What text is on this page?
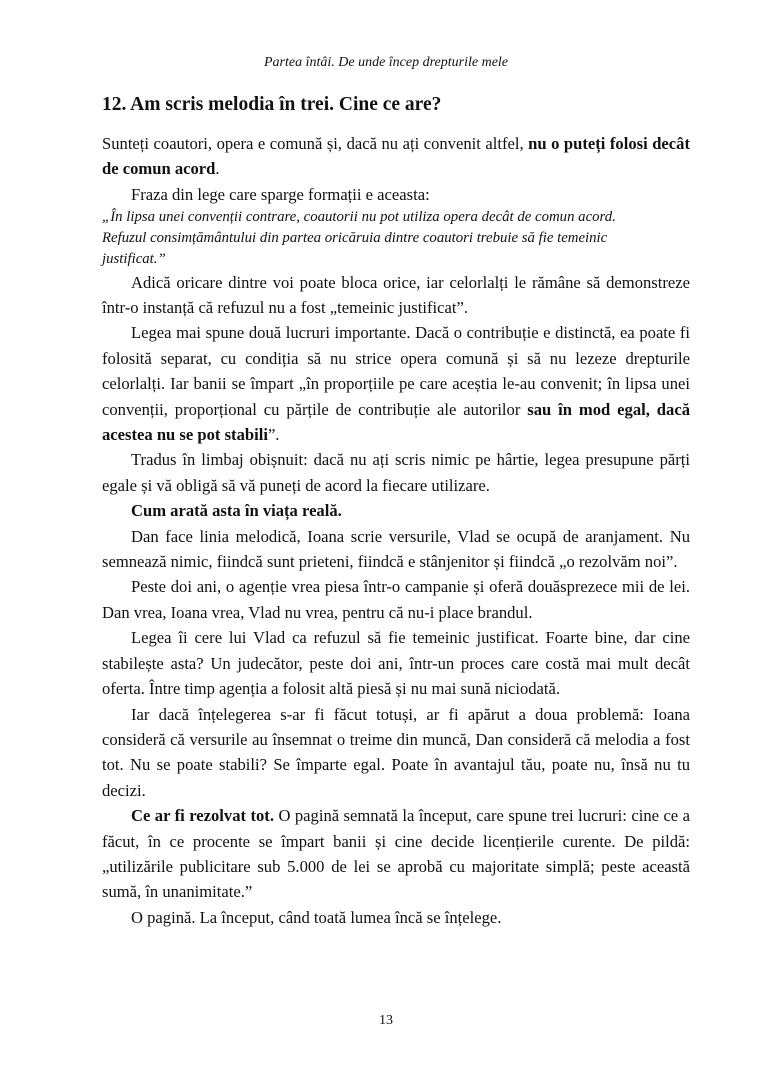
Partea întâi. De unde încep drepturile mele
12. Am scris melodia în trei. Cine ce are?

Sunteți coautori, opera e comună și, dacă nu ați convenit altfel, nu o puteți folosi decât de comun acord.

Fraza din lege care sparge formații e aceasta:

„În lipsa unei convenții contrare, coautorii nu pot utiliza opera decât de comun acord. Refuzul consimțământului din partea oricăruia dintre coautori trebuie să fie temeinic justificat.”

Adică oricare dintre voi poate bloca orice, iar celorlalți le rămâne să demonstreze într-o instanță că refuzul nu a fost „temeinic justificat”.

Legea mai spune două lucruri importante. Dacă o contribuție e distinctă, ea poate fi folosită separat, cu condiția să nu strice opera comună și să nu lezeze drepturile celorlalți. Iar banii se împart „în proporțiile pe care aceștia le-au convenit; în lipsa unei convenții, proporțional cu părțile de contribuție ale autorilor sau în mod egal, dacă acestea nu se pot stabili”.

Tradus în limbaj obișnuit: dacă nu ați scris nimic pe hârtie, legea presupune părți egale și vă obligă să vă puneți de acord la fiecare utilizare.

Cum arată asta în viața reală.

Dan face linia melodică, Ioana scrie versurile, Vlad se ocupă de aranjament. Nu semnează nimic, fiindcă sunt prieteni, fiindcă e stânjenitor și fiindcă „o rezolvăm noi”.

Peste doi ani, o agenție vrea piesa într-o campanie și oferă douăsprezece mii de lei. Dan vrea, Ioana vrea, Vlad nu vrea, pentru că nu-i place brandul.

Legea îi cere lui Vlad ca refuzul să fie temeinic justificat. Foarte bine, dar cine stabilește asta? Un judecător, peste doi ani, într-un proces care costă mai mult decât oferta. Între timp agenția a folosit altă piesă și nu mai sună niciodată.

Iar dacă înțelegerea s-ar fi făcut totuși, ar fi apărut a doua problemă: Ioana consideră că versurile au însemnat o treime din muncă, Dan consideră că melodia a fost tot. Nu se poate stabili? Se împarte egal. Poate în avantajul tău, poate nu, însă nu tu decizi.

Ce ar fi rezolvat tot. O pagină semnată la început, care spune trei lucruri: cine ce a făcut, în ce procente se împart banii și cine decide licențierile curente. De pildă: „utilizările publicitare sub 5.000 de lei se aprobă cu majoritate simplă; peste această sumă, în unanimitate.”

O pagină. La început, când toată lumea încă se înțelege.

13
